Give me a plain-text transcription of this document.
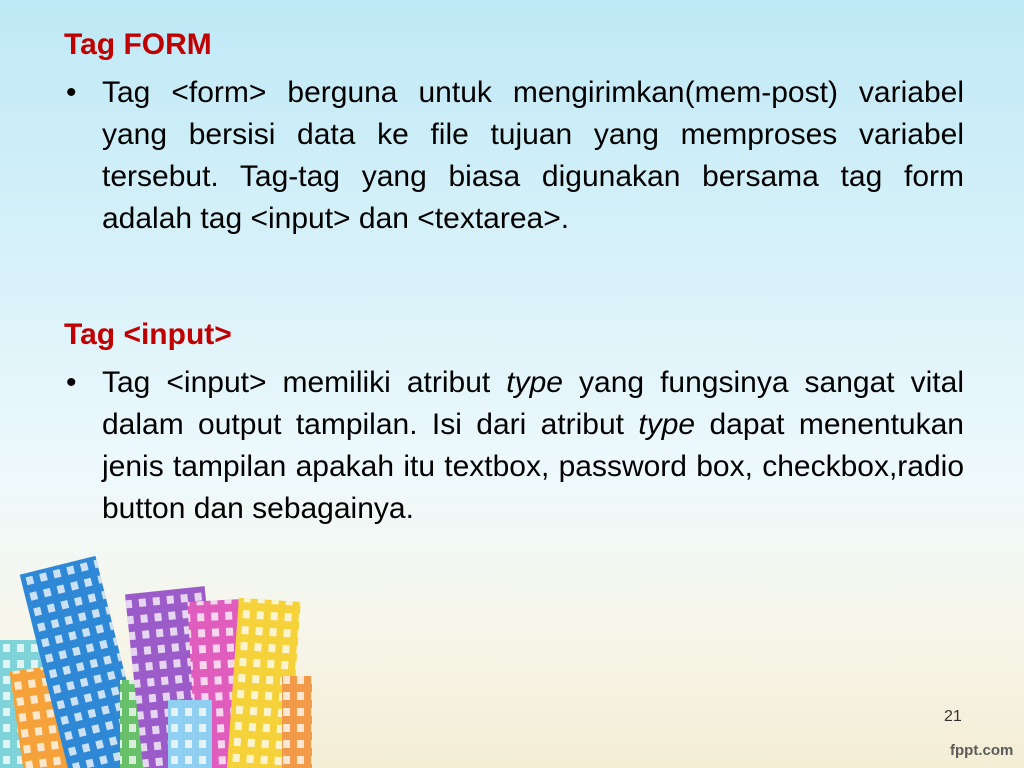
Tag FORM

• Tag <form> berguna untuk mengirimkan(mem-post) variabel yang bersisi data ke file tujuan yang memproses variabel tersebut. Tag-tag yang biasa digunakan bersama tag form adalah tag <input> dan <textarea>.

Tag <input>

• Tag <input> memiliki atribut type yang fungsinya sangat vital dalam output tampilan. Isi dari atribut type dapat menentukan jenis tampilan apakah itu textbox, password box, checkbox,radio button dan sebagainya.
21
fppt.com
